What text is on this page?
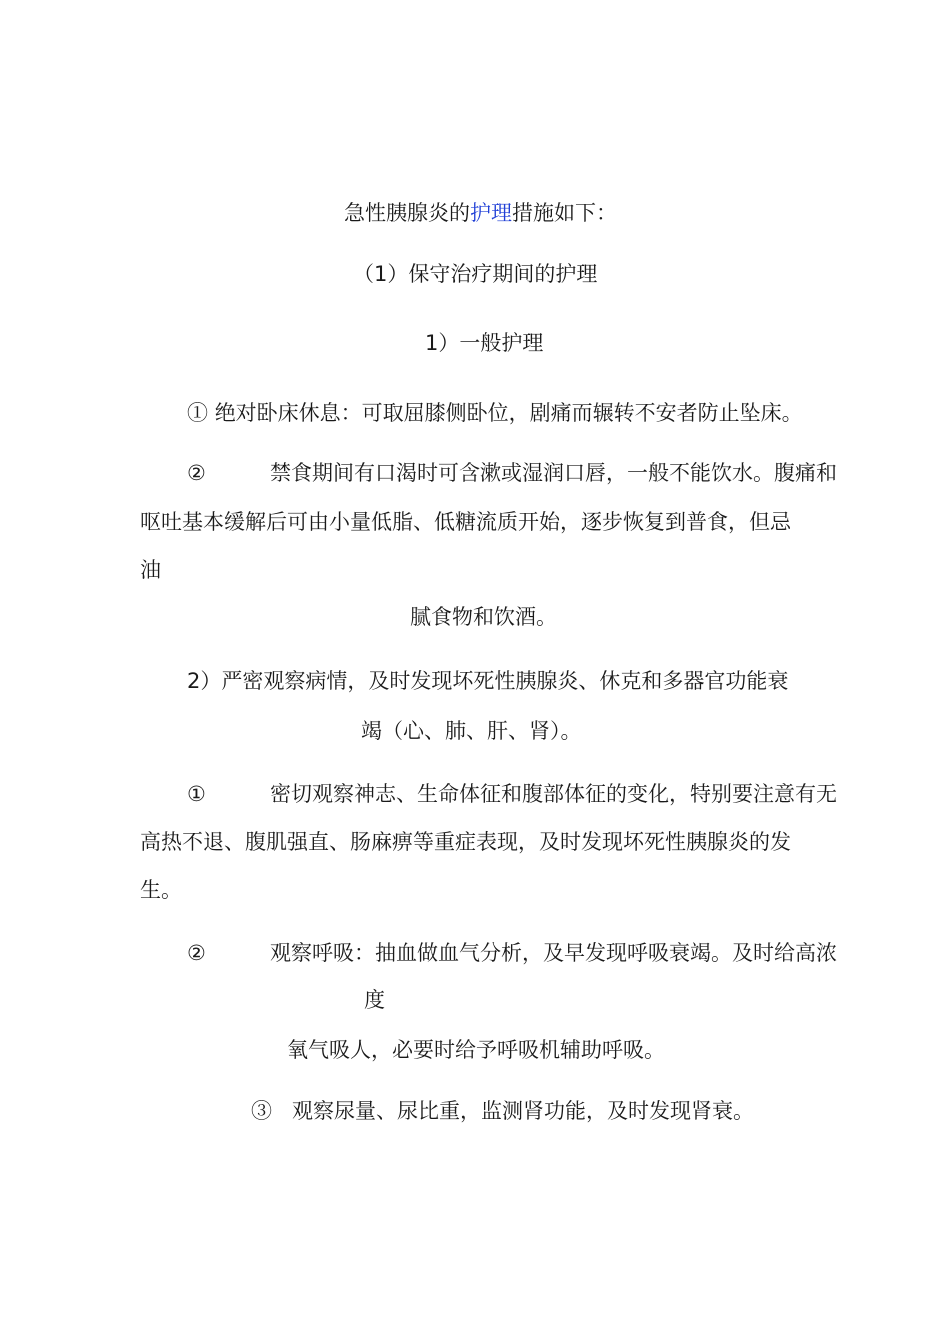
急性胰腺炎的护理措施如下：
（1）保守治疗期间的护理
1）一般护理
① 绝对卧床休息：可取屈膝侧卧位，剧痛而辗转不安者防止坠床。
②	禁食期间有口渴时可含漱或湿润口唇，一般不能饮水。腹痛和
呕吐基本缓解后可由小量低脂、低糖流质开始，逐步恢复到普食，但忌
油
腻食物和饮酒。
2）严密观察病情，及时发现坏死性胰腺炎、休克和多器官功能衰
竭（心、肺、肝、肾）。
①	密切观察神志、生命体征和腹部体征的变化，特别要注意有无
高热不退、腹肌强直、肠麻痹等重症表现，及时发现坏死性胰腺炎的发
生。
②	观察呼吸：抽血做血气分析，及早发现呼吸衰竭。及时给高浓
度
氧气吸人，必要时给予呼吸机辅助呼吸。
③ 观察尿量、尿比重，监测肾功能，及时发现肾衰。
